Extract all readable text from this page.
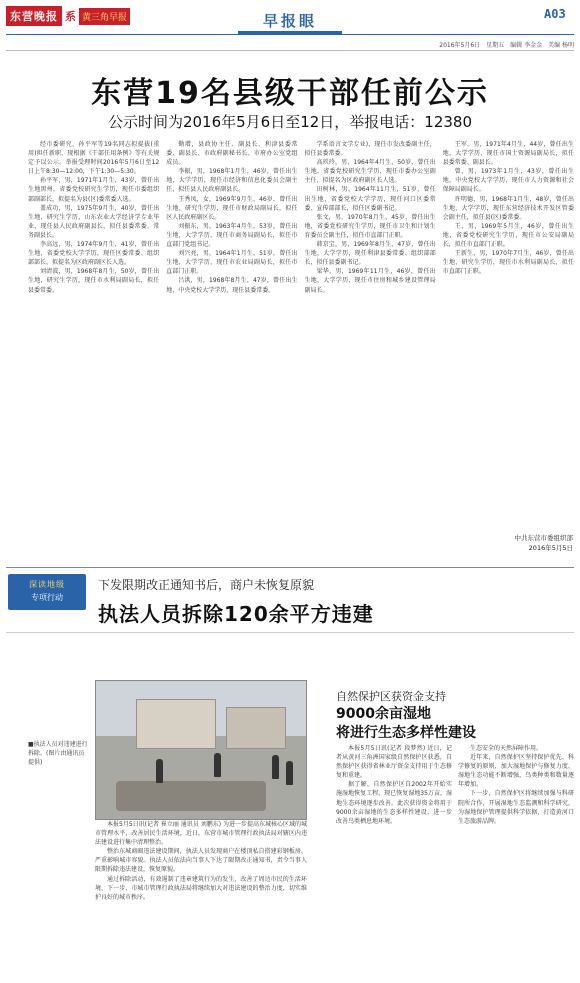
东营晚报 系 黄三角早报	早报眼	A03
2016年5月6日　星期五　编辑 李金金　美编 杨明
东营19名县级干部任前公示
公示时间为2016年5月6日至12日，举报电话：12380

经市委研究，孙平军等19名同志拟提拔(重用)担任新职，现根据《干部任用条例》等有关规定予以公示。举报受理时间2016年5月6日至12日上午8:30—12:00，下午1:30—5:30。

孙平军，男，1971年1月生，43岁，曾任出生地黑州，省委党校研究生学历，现任市委组织部副部长，拟提名为县(区)委常委人选。

盖成功，男，1975年9月生，40岁，曾任出生地，研究生学历，山东农业大学经济学专业毕业，现任县人民政府副县长，拟任县委常委、常务副县长。

李高远，男，1974年9月生，41岁，曾任出生地，省委党校大学学历，现任区委常委、组织部部长，拟提名为区政府副区长人选。

刘清波，男，1968年8月生，50岁，曾任出生地，研究生学历，现任市水利局副局长，拟任县委常委。

勤增，县政协主任、副县长、利津县委常委、副县长、市政府副秘书长、市府办公室党组成员。

李振，男，1968年1月生，46岁，曾任出生地，大学学历，现任市经济和信息化委员会副主任，拟任县人民政府副县长。

王秀凤，女，1969年9月生，46岁，曾任出生地，研究生学历，现任市财政局副局长，拟任区人民政府副区长。

刘振东，男，1963年4月生，53岁，曾任出生地，大学学历，现任市商务局副局长，拟任市直部门党组书记。

刘兴亮，男，1964年1月生，51岁，曾任出生地，大学学历，现任市农业局副局长，拟任市直部门正职。

吕洪，男，1968年8月生，47岁，曾任出生地，中央党校大学学历，现任县委常委。

学系语言文学专业)，现任市发改委副主任，拟任县委常委。

高玖玲，男，1964年4月生，50岁，曾任出生地，省委党校研究生学历，现任市委办公室副主任，拟提名为区政府副区长人选。

田树林，男，1964年11月生，51岁，曾任出生地，省委党校大学学历，现任河口区委常委、宣传部部长，拟任区委副书记。

张文，男，1970年8月生，45岁，曾任出生地，省委党校研究生学历，现任市卫生和计划生育委员会副主任，拟任市直部门正职。

韩京宝，男，1969年8月生，47岁，曾任出生地，大学学历，现任利津县委常委、组织部部长，拟任县委副书记。

梁华，男，1969年11月生，46岁，曾任出生地，大学学历，现任市住房和城乡建设管理局副局长。

王军，男，1971年4月生，44岁，曾任出生地，大学学历，现任市国土资源局副局长，拟任县委常委、副县长。

曾，男，1973年1月生，43岁，曾任出生地，中央党校大学学历，现任市人力资源和社会保障局副局长。

许明德，男，1968年1月生，48岁，曾任出生地，大学学历，现任东营经济技术开发区管委会副主任，拟任县(区)委常委。

王，男，1969年5月生，46岁，曾任出生地，省委党校研究生学历，现任市公安局副局长，拟任市直部门正职。

王新生，男，1970年7月生，46岁，曾任出生地，研究生学历，现任市水利局副局长，拟任市直部门正职。

中共东营市委组织部
2016年5月5日
深读地级
专项行动
下发限期改正通知书后，商户未恢复原貌
执法人员拆除120余平方违建
■执法人员对违建进行拆除。(图片由通讯员提供)

本报5月5日讯(记者 崔立丽 通讯员 刘鹏东) 为进一步提高东城核心区域的城市管理水平，改善居民生活环境，近日，东营市城市管理行政执法局对辖区内违法建设进行集中清理整治。

整治东城商圈违法建设期间，执法人员发现商户在楼顶私自搭建彩钢板房，严重影响城市容貌。执法人员依法向当事人下达了限期改正通知书，责令当事人限期拆除违法建设，恢复原貌。

通过拆除活动，有效遏制了违章建筑行为的发生，改善了周边市民的生活环境，下一步，市城市管理行政执法局将继续加大对违法建设的整治力度，切实维护良好的城市秩序。

自然保护区获资金支持
9000余亩湿地
将进行生态多样性建设

本报5月5日讯(记者 段梦然) 近日，记者从黄河三角洲国家级自然保护区获悉，自然保护区获得省林业厅资金支持用于生态修复和重建。

据了解，自然保护区自2002年开始实施湿地恢复工程，现已恢复湿地35万亩，湿地生态环境逐步改善。此次获得资金将用于9000余亩湿地的生态多样性建设，进一步改善鸟类栖息地环境。

生态安全的天然屏障作用。

近年来，自然保护区坚持保护优先、科学修复的原则，加大湿地保护与修复力度，湿地生态功能不断增强，鸟类种类和数量逐年增加。

下一步，自然保护区将继续加强与科研院所合作，开展湿地生态监测和科学研究，为湿地保护管理提供科学依据，打造黄河口生态旅游品牌。
